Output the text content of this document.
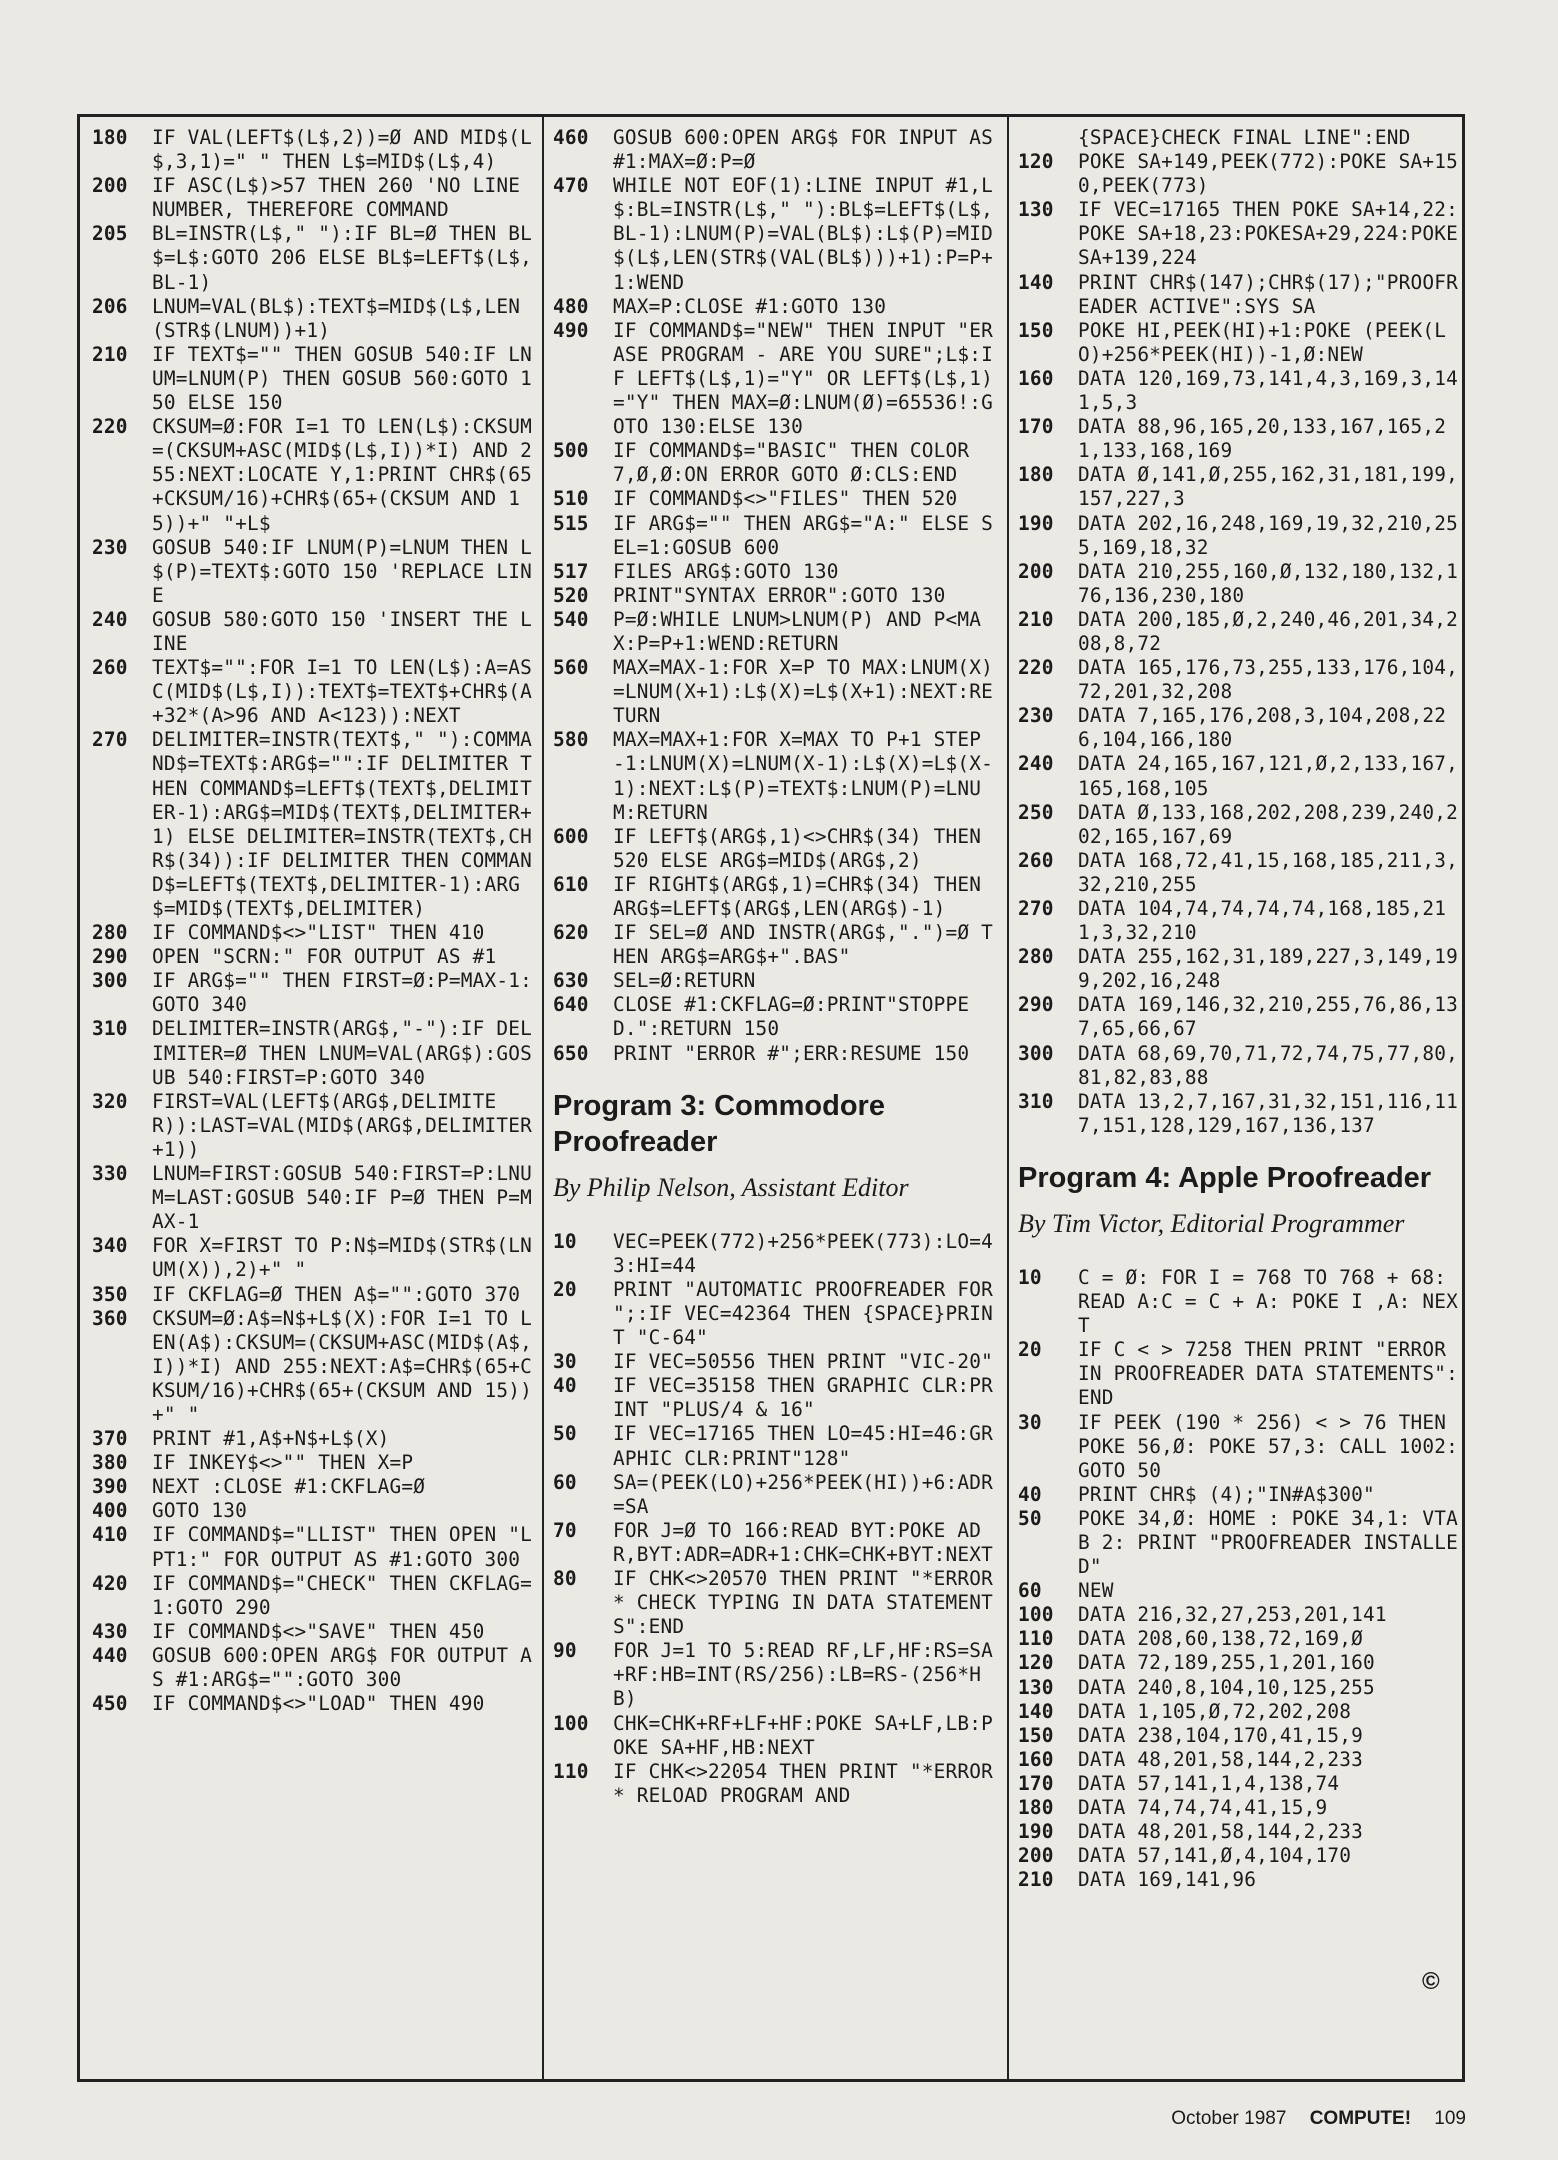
180	IF VAL(LEFT$(L$,2))=Ø AND MID$(L$,3,1)=" " THEN L$=MID$(L$,4)
200	IF ASC(L$)>57 THEN 260 'NO LINE NUMBER, THEREFORE COMMAND
205	BL=INSTR(L$," "):IF BL=Ø THEN BL$=L$:GOTO 206 ELSE BL$=LEFT$(L$,BL-1)
206	LNUM=VAL(BL$):TEXT$=MID$(L$,LEN(STR$(LNUM))+1)
210	IF TEXT$="" THEN GOSUB 540:IF LNUM=LNUM(P) THEN GOSUB 560:GOTO 150 ELSE 150
220	CKSUM=Ø:FOR I=1 TO LEN(L$):CKSUM=(CKSUM+ASC(MID$(L$,I))*I) AND 255:NEXT:LOCATE Y,1:PRINT CHR$(65+CKSUM/16)+CHR$(65+(CKSUM AND 15))+" "+L$
230	GOSUB 540:IF LNUM(P)=LNUM THEN L$(P)=TEXT$:GOTO 150 'REPLACE LINE
240	GOSUB 580:GOTO 150 'INSERT THE LINE
260	TEXT$="":FOR I=1 TO LEN(L$):A=ASC(MID$(L$,I)):TEXT$=TEXT$+CHR$(A+32*(A>96 AND A<123)):NEXT
270	DELIMITER=INSTR(TEXT$," "):COMMAND$=TEXT$:ARG$="":IF DELIMITER THEN COMMAND$=LEFT$(TEXT$,DELIMITER-1):ARG$=MID$(TEXT$,DELIMITER+1) ELSE DELIMITER=INSTR(TEXT$,CHR$(34)):IF DELIMITER THEN COMMAND$=LEFT$(TEXT$,DELIMITER-1):ARG$=MID$(TEXT$,DELIMITER)
280	IF COMMAND$<>"LIST" THEN 410
290	OPEN "SCRN:" FOR OUTPUT AS #1
300	IF ARG$="" THEN FIRST=Ø:P=MAX-1:GOTO 340
310	DELIMITER=INSTR(ARG$,"-"):IF DELIMITER=Ø THEN LNUM=VAL(ARG$):GOSUB 540:FIRST=P:GOTO 340
320	FIRST=VAL(LEFT$(ARG$,DELIMITER)):LAST=VAL(MID$(ARG$,DELIMITER+1))
330	LNUM=FIRST:GOSUB 540:FIRST=P:LNUM=LAST:GOSUB 540:IF P=Ø THEN P=MAX-1
340	FOR X=FIRST TO P:N$=MID$(STR$(LNUM(X)),2)+" "
350	IF CKFLAG=Ø THEN A$="":GOTO 370
360	CKSUM=Ø:A$=N$+L$(X):FOR I=1 TO LEN(A$):CKSUM=(CKSUM+ASC(MID$(A$,I))*I) AND 255:NEXT:A$=CHR$(65+CKSUM/16)+CHR$(65+(CKSUM AND 15))+" "
370	PRINT #1,A$+N$+L$(X)
380	IF INKEY$<>"" THEN X=P
390	NEXT :CLOSE #1:CKFLAG=Ø
400	GOTO 130
410	IF COMMAND$="LLIST" THEN OPEN "LPT1:" FOR OUTPUT AS #1:GOTO 300
420	IF COMMAND$="CHECK" THEN CKFLAG=1:GOTO 290
430	IF COMMAND$<>"SAVE" THEN 450
440	GOSUB 600:OPEN ARG$ FOR OUTPUT AS #1:ARG$="":GOTO 300
450	IF COMMAND$<>"LOAD" THEN 490
460	GOSUB 600:OPEN ARG$ FOR INPUT AS #1:MAX=Ø:P=Ø
470	WHILE NOT EOF(1):LINE INPUT #1,L$:BL=INSTR(L$," "):BL$=LEFT$(L$,BL-1):LNUM(P)=VAL(BL$):L$(P)=MID$(L$,LEN(STR$(VAL(BL$)))+1):P=P+1:WEND
480	MAX=P:CLOSE #1:GOTO 130
490	IF COMMAND$="NEW" THEN INPUT "ERASE PROGRAM - ARE YOU SURE";L$:IF LEFT$(L$,1)="Y" OR LEFT$(L$,1)="Y" THEN MAX=Ø:LNUM(Ø)=65536!:GOTO 130:ELSE 130
500	IF COMMAND$="BASIC" THEN COLOR 7,Ø,Ø:ON ERROR GOTO Ø:CLS:END
510	IF COMMAND$<>"FILES" THEN 520
515	IF ARG$="" THEN ARG$="A:" ELSE SEL=1:GOSUB 600
517	FILES ARG$:GOTO 130
520	PRINT"SYNTAX ERROR":GOTO 130
540	P=Ø:WHILE LNUM>LNUM(P) AND P<MAX:P=P+1:WEND:RETURN
560	MAX=MAX-1:FOR X=P TO MAX:LNUM(X)=LNUM(X+1):L$(X)=L$(X+1):NEXT:RETURN
580	MAX=MAX+1:FOR X=MAX TO P+1 STEP -1:LNUM(X)=LNUM(X-1):L$(X)=L$(X-1):NEXT:L$(P)=TEXT$:LNUM(P)=LNUM:RETURN
600	IF LEFT$(ARG$,1)<>CHR$(34) THEN 520 ELSE ARG$=MID$(ARG$,2)
610	IF RIGHT$(ARG$,1)=CHR$(34) THEN ARG$=LEFT$(ARG$,LEN(ARG$)-1)
620	IF SEL=Ø AND INSTR(ARG$,".")=Ø THEN ARG$=ARG$+".BAS"
630	SEL=Ø:RETURN
640	CLOSE #1:CKFLAG=Ø:PRINT"STOPPED.":RETURN 150
650	PRINT "ERROR #";ERR:RESUME 150
Program 3: Commodore Proofreader
By Philip Nelson, Assistant Editor
10	VEC=PEEK(772)+256*PEEK(773):LO=43:HI=44
20	PRINT "AUTOMATIC PROOFREADER FOR ";:IF VEC=42364 THEN {SPACE}PRINT "C-64"
30	IF VEC=50556 THEN PRINT "VIC-20"
40	IF VEC=35158 THEN GRAPHIC CLR:PRINT "PLUS/4 & 16"
50	IF VEC=17165 THEN LO=45:HI=46:GRAPHIC CLR:PRINT"128"
60	SA=(PEEK(LO)+256*PEEK(HI))+6:ADR=SA
70	FOR J=Ø TO 166:READ BYT:POKE ADR,BYT:ADR=ADR+1:CHK=CHK+BYT:NEXT
80	IF CHK<>20570 THEN PRINT "*ERROR* CHECK TYPING IN DATA STATEMENTS":END
90	FOR J=1 TO 5:READ RF,LF,HF:RS=SA+RF:HB=INT(RS/256):LB=RS-(256*HB)
100	CHK=CHK+RF+LF+HF:POKE SA+LF,LB:POKE SA+HF,HB:NEXT
110	IF CHK<>22054 THEN PRINT "*ERROR* RELOAD PROGRAM AND
{SPACE}CHECK FINAL LINE":END
120	POKE SA+149,PEEK(772):POKE SA+150,PEEK(773)
130	IF VEC=17165 THEN POKE SA+14,22:POKE SA+18,23:POKESA+29,224:POKESA+139,224
140	PRINT CHR$(147);CHR$(17);"PROOFREADER ACTIVE":SYS SA
150	POKE HI,PEEK(HI)+1:POKE (PEEK(LO)+256*PEEK(HI))-1,Ø:NEW
160	DATA 120,169,73,141,4,3,169,3,141,5,3
170	DATA 88,96,165,20,133,167,165,21,133,168,169
180	DATA Ø,141,Ø,255,162,31,181,199,157,227,3
190	DATA 202,16,248,169,19,32,210,255,169,18,32
200	DATA 210,255,160,Ø,132,180,132,176,136,230,180
210	DATA 200,185,Ø,2,240,46,201,34,208,8,72
220	DATA 165,176,73,255,133,176,104,72,201,32,208
230	DATA 7,165,176,208,3,104,208,226,104,166,180
240	DATA 24,165,167,121,Ø,2,133,167,165,168,105
250	DATA Ø,133,168,202,208,239,240,202,165,167,69
260	DATA 168,72,41,15,168,185,211,3,32,210,255
270	DATA 104,74,74,74,74,168,185,211,3,32,210
280	DATA 255,162,31,189,227,3,149,199,202,16,248
290	DATA 169,146,32,210,255,76,86,137,65,66,67
300	DATA 68,69,70,71,72,74,75,77,80,81,82,83,88
310	DATA 13,2,7,167,31,32,151,116,117,151,128,129,167,136,137
Program 4: Apple Proofreader
By Tim Victor, Editorial Programmer
10	C = Ø: FOR I = 768 TO 768 + 68: READ A:C = C + A: POKE I ,A: NEXT
20	IF C < > 7258 THEN PRINT "ERROR IN PROOFREADER DATA STATEMENTS": END
30	IF PEEK (190 * 256) < > 76 THEN POKE 56,Ø: POKE 57,3: CALL 1002: GOTO 50
40	PRINT CHR$ (4);"IN#A$300"
50	POKE 34,Ø: HOME : POKE 34,1: VTAB 2: PRINT "PROOFREADER INSTALLED"
60	NEW
100	DATA 216,32,27,253,201,141
110	DATA 208,60,138,72,169,Ø
120	DATA 72,189,255,1,201,160
130	DATA 240,8,104,10,125,255
140	DATA 1,105,Ø,72,202,208
150	DATA 238,104,170,41,15,9
160	DATA 48,201,58,144,2,233
170	DATA 57,141,1,4,138,74
180	DATA 74,74,74,41,15,9
190	DATA 48,201,58,144,2,233
200	DATA 57,141,Ø,4,104,170
210	DATA 169,141,96
©
October 1987 COMPUTE! 109
